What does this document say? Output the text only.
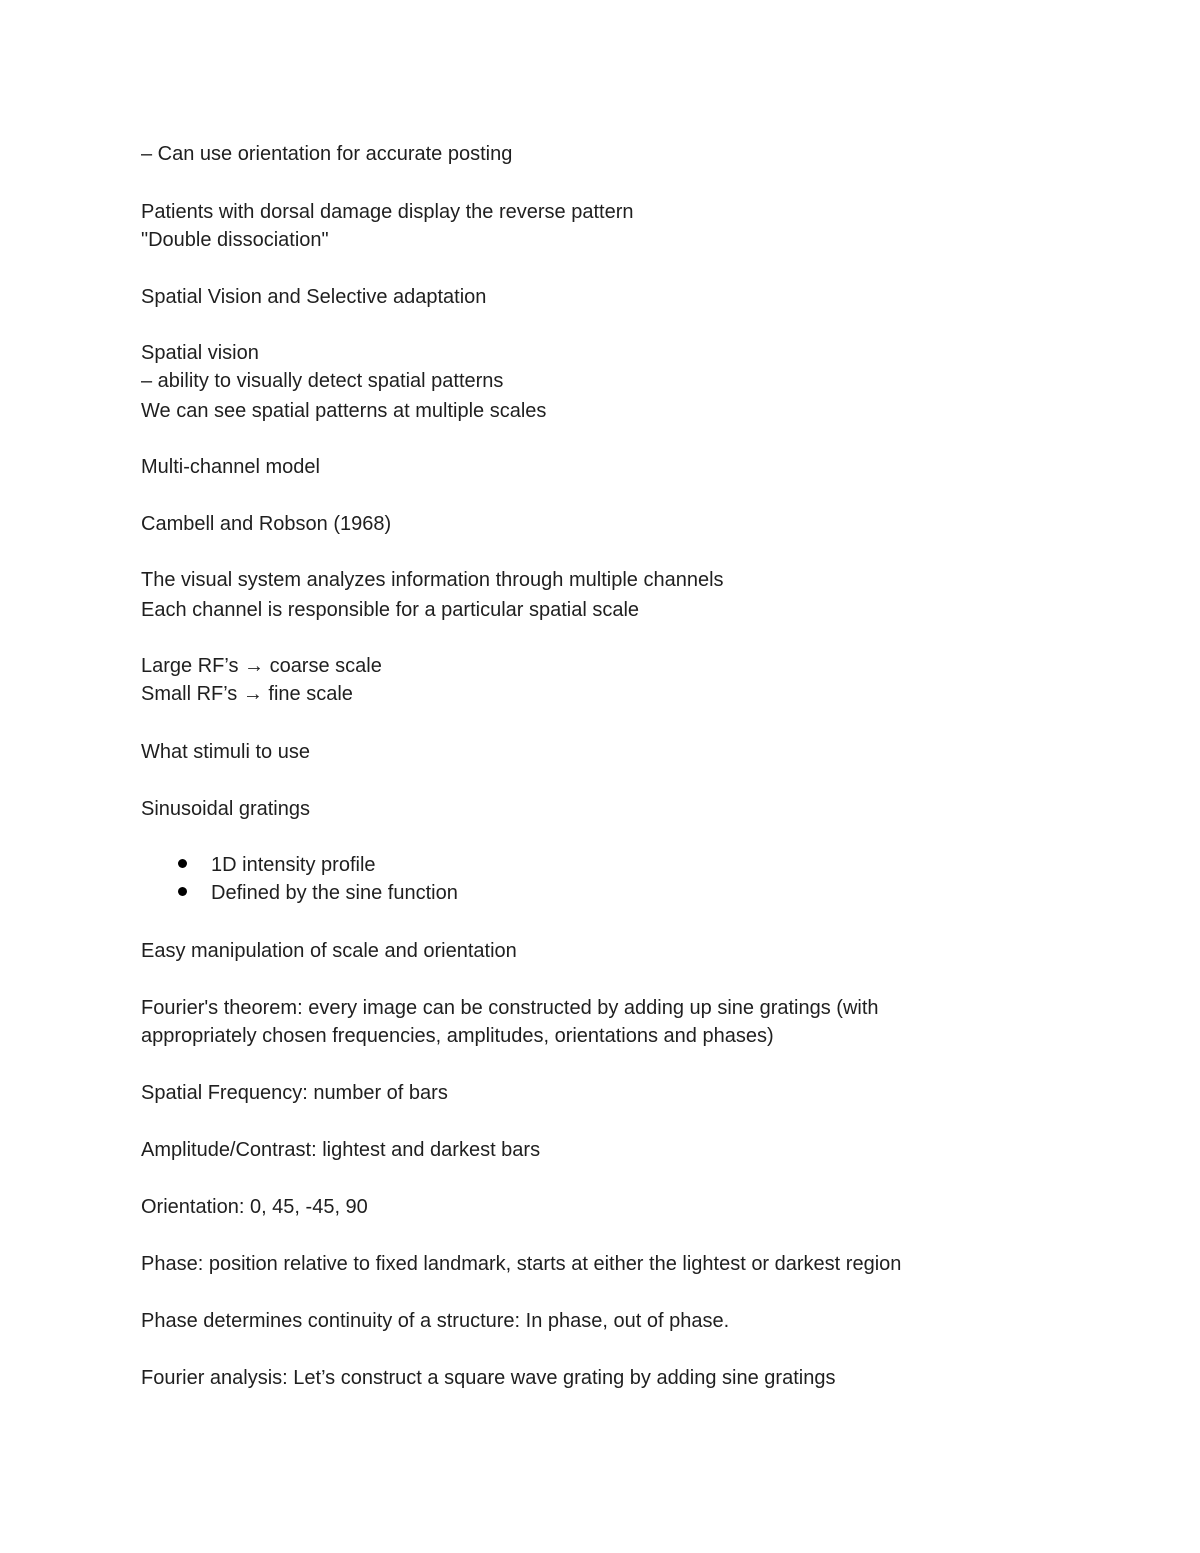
– Can use orientation for accurate posting
Patients with dorsal damage display the reverse pattern
"Double dissociation"
Spatial Vision and Selective adaptation
Spatial vision
– ability to visually detect spatial patterns
We can see spatial patterns at multiple scales
Multi-channel model
Cambell and Robson (1968)
The visual system analyzes information through multiple channels
Each channel is responsible for a particular spatial scale
Large RF’s → coarse scale
Small RF’s → fine scale
What stimuli to use
Sinusoidal gratings
1D intensity profile
Defined by the sine function
Easy manipulation of scale and orientation
Fourier's theorem: every image can be constructed by adding up sine gratings (with
appropriately chosen frequencies, amplitudes, orientations and phases)
Spatial Frequency: number of bars
Amplitude/Contrast: lightest and darkest bars
Orientation: 0, 45, -45, 90
Phase: position relative to fixed landmark, starts at either the lightest or darkest region
Phase determines continuity of a structure: In phase, out of phase.
Fourier analysis: Let’s construct a square wave grating by adding sine gratings
